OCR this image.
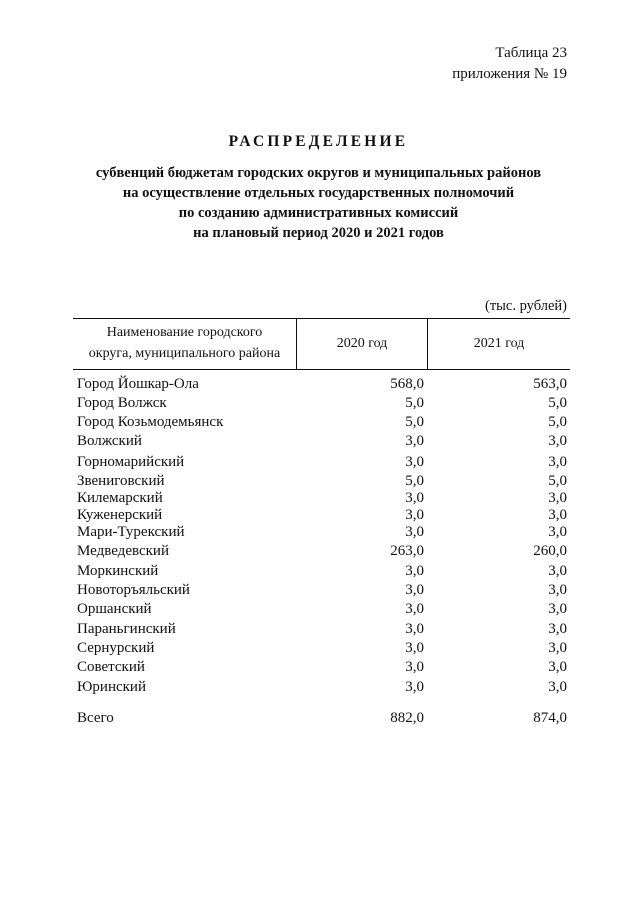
Таблица 23
приложения № 19
РАСПРЕДЕЛЕНИЕ
субвенций бюджетам городских округов и муниципальных районов
на осуществление отдельных государственных полномочий
по созданию административных комиссий
на плановый период 2020 и 2021 годов
(тыс. рублей)
Наименование городского
округа, муниципального района
2020 год	2021 год
Город Йошкар-Ола	568,0	563,0
Город Волжск	5,0	5,0
Город Козьмодемьянск	5,0	5,0
Волжский	3,0	3,0
Горномарийский	3,0	3,0
Звениговский	5,0	5,0
Килемарский	3,0	3,0
Куженерский	3,0	3,0
Мари-Турекский	3,0	3,0
Медведевский	263,0	260,0
Моркинский	3,0	3,0
Новоторъяльский	3,0	3,0
Оршанский	3,0	3,0
Параньгинский	3,0	3,0
Сернурский	3,0	3,0
Советский	3,0	3,0
Юринский	3,0	3,0
Всего	882,0	874,0
